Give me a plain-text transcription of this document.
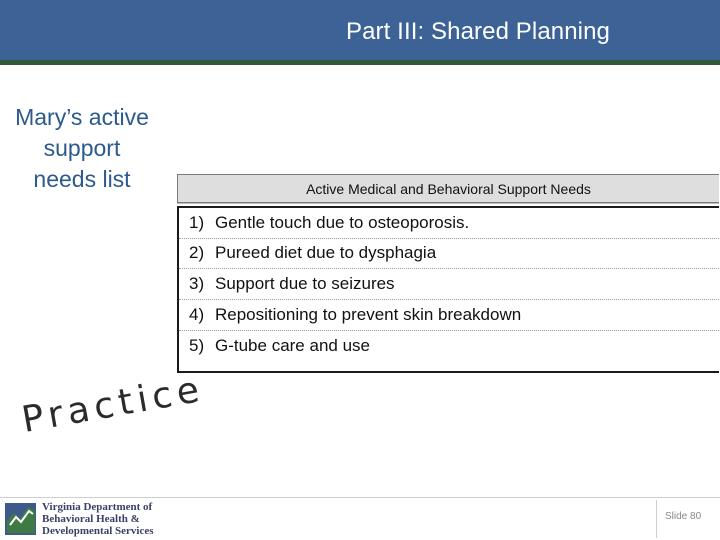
Part III: Shared Planning
Mary’s active support needs list	Active Medical and Behavioral Support Needs
1) Gentle touch due to osteoporosis.
2) Pureed diet due to dysphagia
3) Support due to seizures
4) Repositioning to prevent skin breakdown
5) G-tube care and use
Practice
Virginia Department of
Behavioral Health &
Developmental Services
Slide 80
